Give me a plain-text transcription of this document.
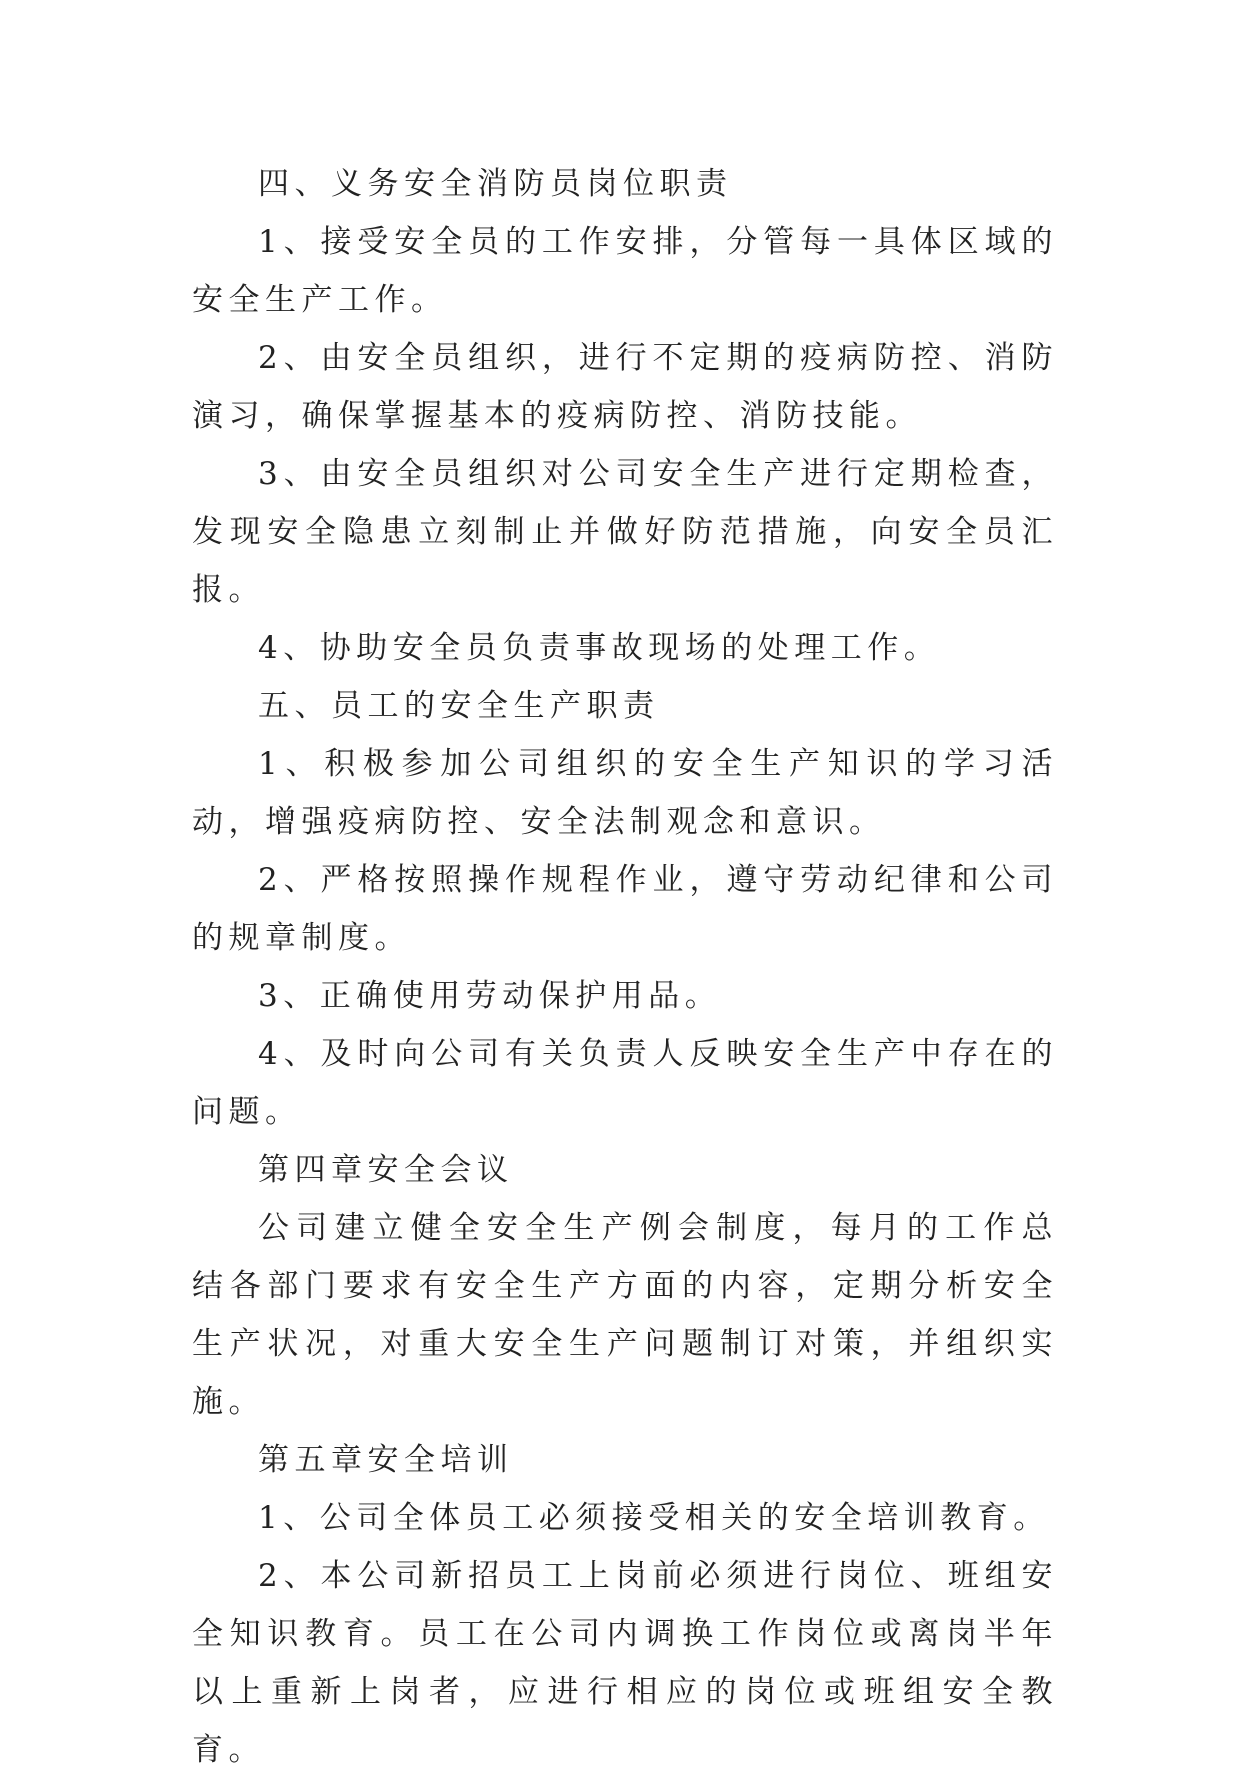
四、义务安全消防员岗位职责

1、接受安全员的工作安排，分管每一具体区域的安全生产工作。

2、由安全员组织，进行不定期的疫病防控、消防演习，确保掌握基本的疫病防控、消防技能。

3、由安全员组织对公司安全生产进行定期检查，发现安全隐患立刻制止并做好防范措施，向安全员汇报。

4、协助安全员负责事故现场的处理工作。

五、员工的安全生产职责

1、积极参加公司组织的安全生产知识的学习活动，增强疫病防控、安全法制观念和意识。

2、严格按照操作规程作业，遵守劳动纪律和公司的规章制度。

3、正确使用劳动保护用品。

4、及时向公司有关负责人反映安全生产中存在的问题。

第四章安全会议

公司建立健全安全生产例会制度，每月的工作总结各部门要求有安全生产方面的内容，定期分析安全生产状况，对重大安全生产问题制订对策，并组织实施。

第五章安全培训

1、公司全体员工必须接受相关的安全培训教育。

2、本公司新招员工上岗前必须进行岗位、班组安全知识教育。员工在公司内调换工作岗位或离岗半年以上重新上岗者，应进行相应的岗位或班组安全教育。
